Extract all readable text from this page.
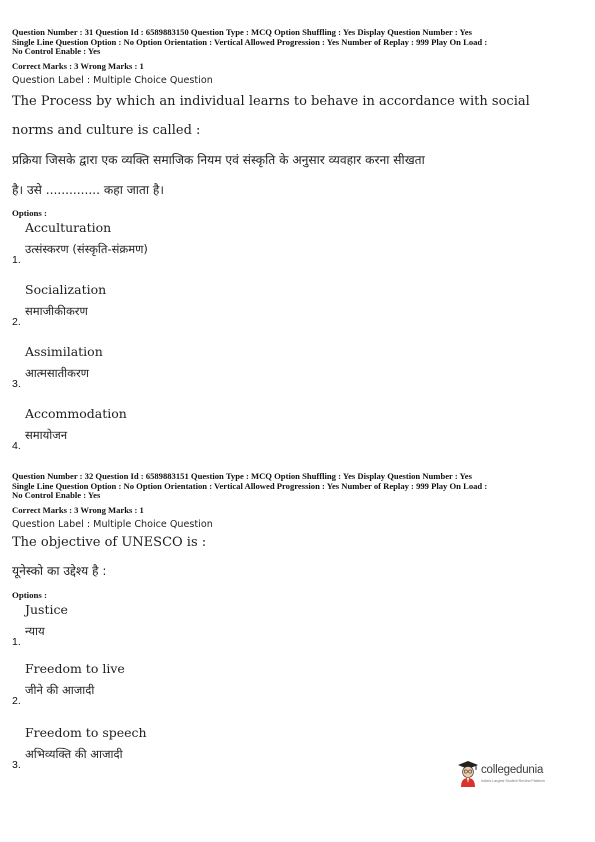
Question Number : 31 Question Id : 6589883150 Question Type : MCQ Option Shuffling : Yes Display Question Number : Yes

Single Line Question Option : No Option Orientation : Vertical Allowed Progression : Yes Number of Replay : 999 Play On Load :

No Control Enable : Yes

Correct Marks : 3 Wrong Marks : 1
Question Label : Multiple Choice Question
The Process by which an individual learns to behave in accordance with social
norms and culture is called :
प्रक्रिया जिसके द्वारा एक व्यक्ति समाजिक नियम एवं संस्कृति के अनुसार व्यवहार करना सीखता
है। उसे .............. कहा जाता है।
Options :
Acculturation
1.
उत्संस्करण (संस्कृति-संक्रमण)
Socialization
2.
समाजीकीकरण
Assimilation
3.
आत्मसातीकरण
Accommodation
4.
समायोजन

Question Number : 32 Question Id : 6589883151 Question Type : MCQ Option Shuffling : Yes Display Question Number : Yes

Single Line Question Option : No Option Orientation : Vertical Allowed Progression : Yes Number of Replay : 999 Play On Load :

No Control Enable : Yes

Correct Marks : 3 Wrong Marks : 1
Question Label : Multiple Choice Question
The objective of UNESCO is :
यूनेस्को का उद्देश्य है :
Options :
Justice
1.
न्याय
Freedom to live
2.
जीने की आजादी
Freedom to speech
3.
अभिव्यक्ति की आजादी
collegedunia
India's Largest Student Review Platform
